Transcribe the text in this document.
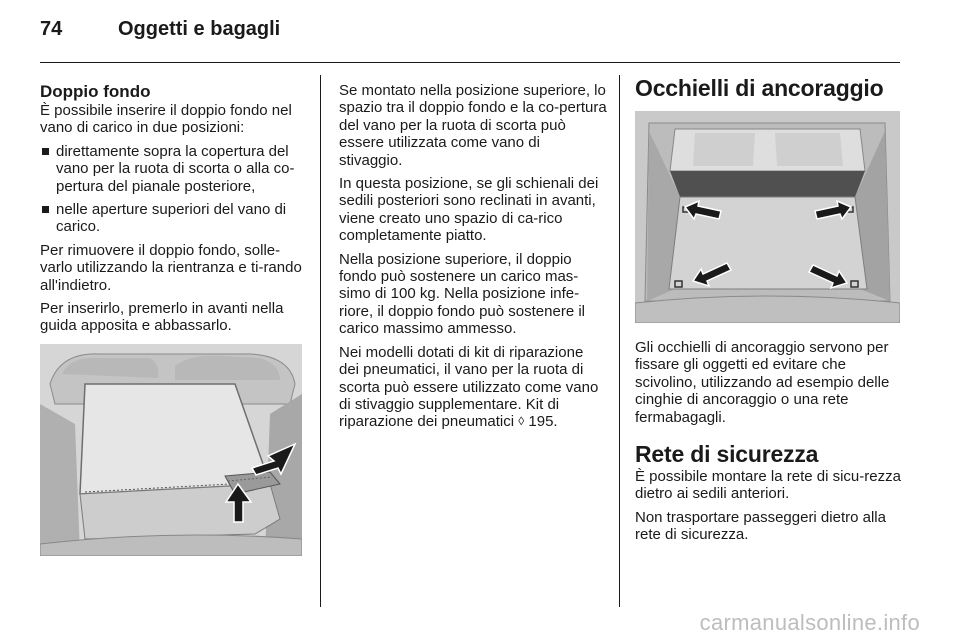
74	Oggetti e bagagli
Doppio fondo

È possibile inserire il doppio fondo nel vano di carico in due posizioni:

direttamente sopra la copertura del vano per la ruota di scorta o alla co-pertura del pianale posteriore,
nelle aperture superiori del vano di carico.

Per rimuovere il doppio fondo, solle-varlo utilizzando la rientranza e ti-rando all'indietro.

Per inserirlo, premerlo in avanti nella guida apposita e abbassarlo.

Se montato nella posizione superiore, lo spazio tra il doppio fondo e la co-pertura del vano per la ruota di scorta può essere utilizzata come vano di stivaggio.

In questa posizione, se gli schienali dei sedili posteriori sono reclinati in avanti, viene creato uno spazio di ca-rico completamente piatto.

Nella posizione superiore, il doppio fondo può sostenere un carico mas-simo di 100 kg. Nella posizione infe-riore, il doppio fondo può sostenere il carico massimo ammesso.

Nei modelli dotati di kit di riparazione dei pneumatici, il vano per la ruota di scorta può essere utilizzato come vano di stivaggio supplementare. Kit di riparazione dei pneumatici ◊ 195.

Occhielli di ancoraggio

Gli occhielli di ancoraggio servono per fissare gli oggetti ed evitare che scivolino, utilizzando ad esempio delle cinghie di ancoraggio o una rete fermabagagli.

Rete di sicurezza

È possibile montare la rete di sicu-rezza dietro ai sedili anteriori.

Non trasportare passeggeri dietro alla rete di sicurezza.

carmanualsonline.info
